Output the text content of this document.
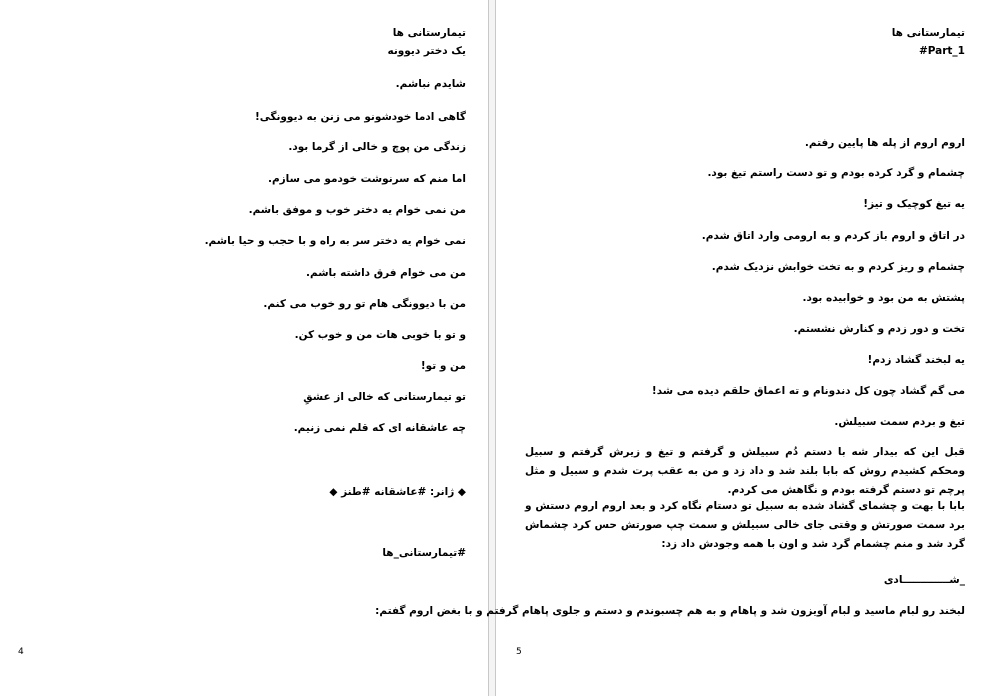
تیمارستانی ها
یک دختر دیوونه
شایدم نباشم.
گاهی ادما خودشونو می زنن به دیوونگی!
زندگی من پوچ و خالی از گرما بود.
اما منم که سرنوشت خودمو می سازم.
من نمی خوام یه دختر خوب و موفق باشم.
نمی خوام یه دختر سر به راه و با حجب و حیا باشم.
من می خوام فرق داشته باشم.
من با دیوونگی هام تو رو خوب می کنم.
و تو با خوبی هات من و خوب کن.
من و تو!
تو تیمارستانی که خالی از عشقِ
چه عاشقانه ای که قلم نمی زنیم.
◆ ژانر: #عاشقانه #طنز ◆
#تیمارستانی_ها
4
تیمارستانی ها
#Part_1
اروم اروم از پله ها پایین رفتم.
چشمام و گرد کرده بودم و تو دست راستم تیغ بود.
یه تیغ کوچیک و تیز!
در اتاق و اروم باز کردم و به ارومی وارد اتاق شدم.
چشمام و ریز کردم و به تخت خوابش نزدیک شدم.
پشتش به من بود و خوابیده بود.
تخت و دور زدم و کنارش نشستم.
یه لبخند گشاد زدم!
می گم گشاد چون کل دندونام و ته اعماق حلقم دیده می شد!
تیغ و بردم سمت سبیلش.
قبل این که بیدار شه با دستم دُم سبیلش و گرفتم و تیغ و زیرش گرفتم و سبیل ومحکم کشیدم روش که بابا بلند شد و داد زد و من به عقب پرت شدم و سبیل و مثل پرچم تو دستم گرفته بودم و نگاهش می کردم.
بابا با بهت و چشمای گشاد شده به سبیل تو دستام نگاه کرد و بعد اروم اروم دستش و برد سمت صورتش و وقتی جای خالی سبیلش و سمت چپ صورتش حس کرد چشماش گرد شد و منم چشمام گرد شد و اون با همه وجودش داد زد:
_شـــــــــــــادی
لبخند رو لبام ماسید و لبام آویزون شد و پاهام و به هم چسبوندم و دستم و جلوی پاهام گرفتم و با بغض اروم گفتم:
5
